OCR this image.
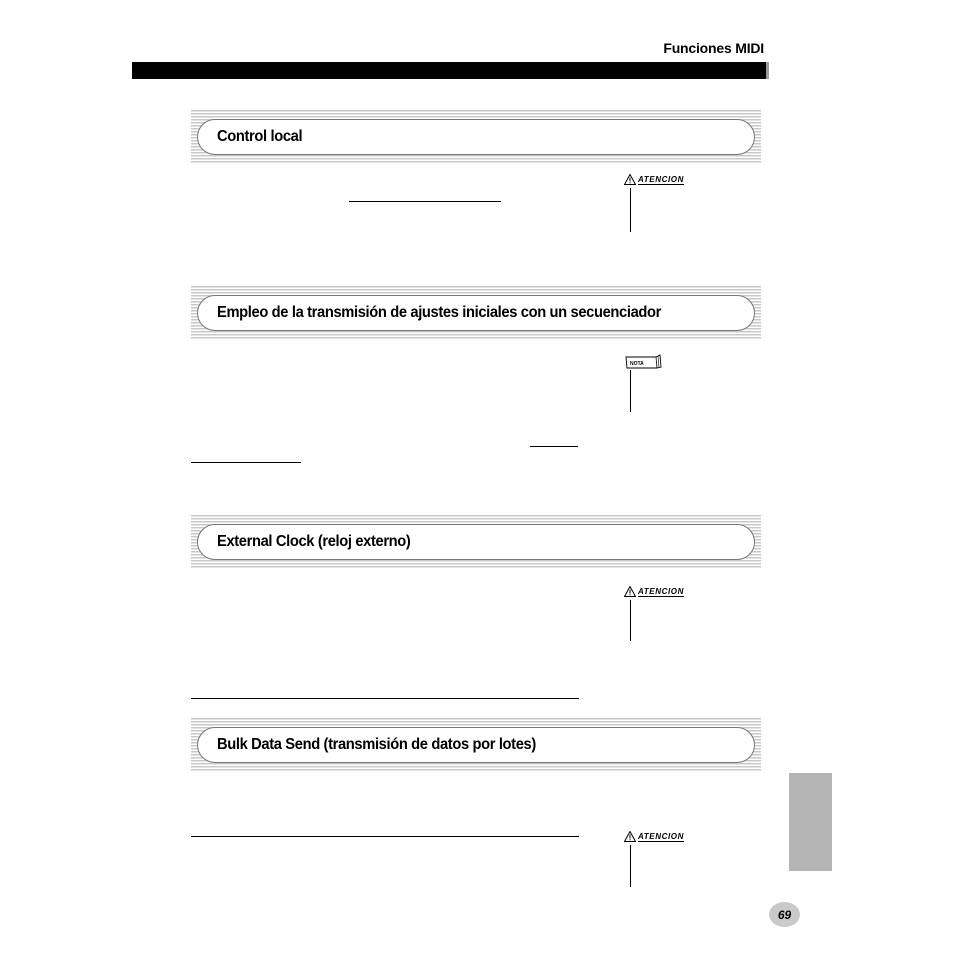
Funciones MIDI
Control local
ATENCION
Empleo de la transmisión de ajustes iniciales con un secuenciador
NOTA
External Clock (reloj externo)
ATENCION
Bulk Data Send (transmisión de datos por lotes)
ATENCION
69
